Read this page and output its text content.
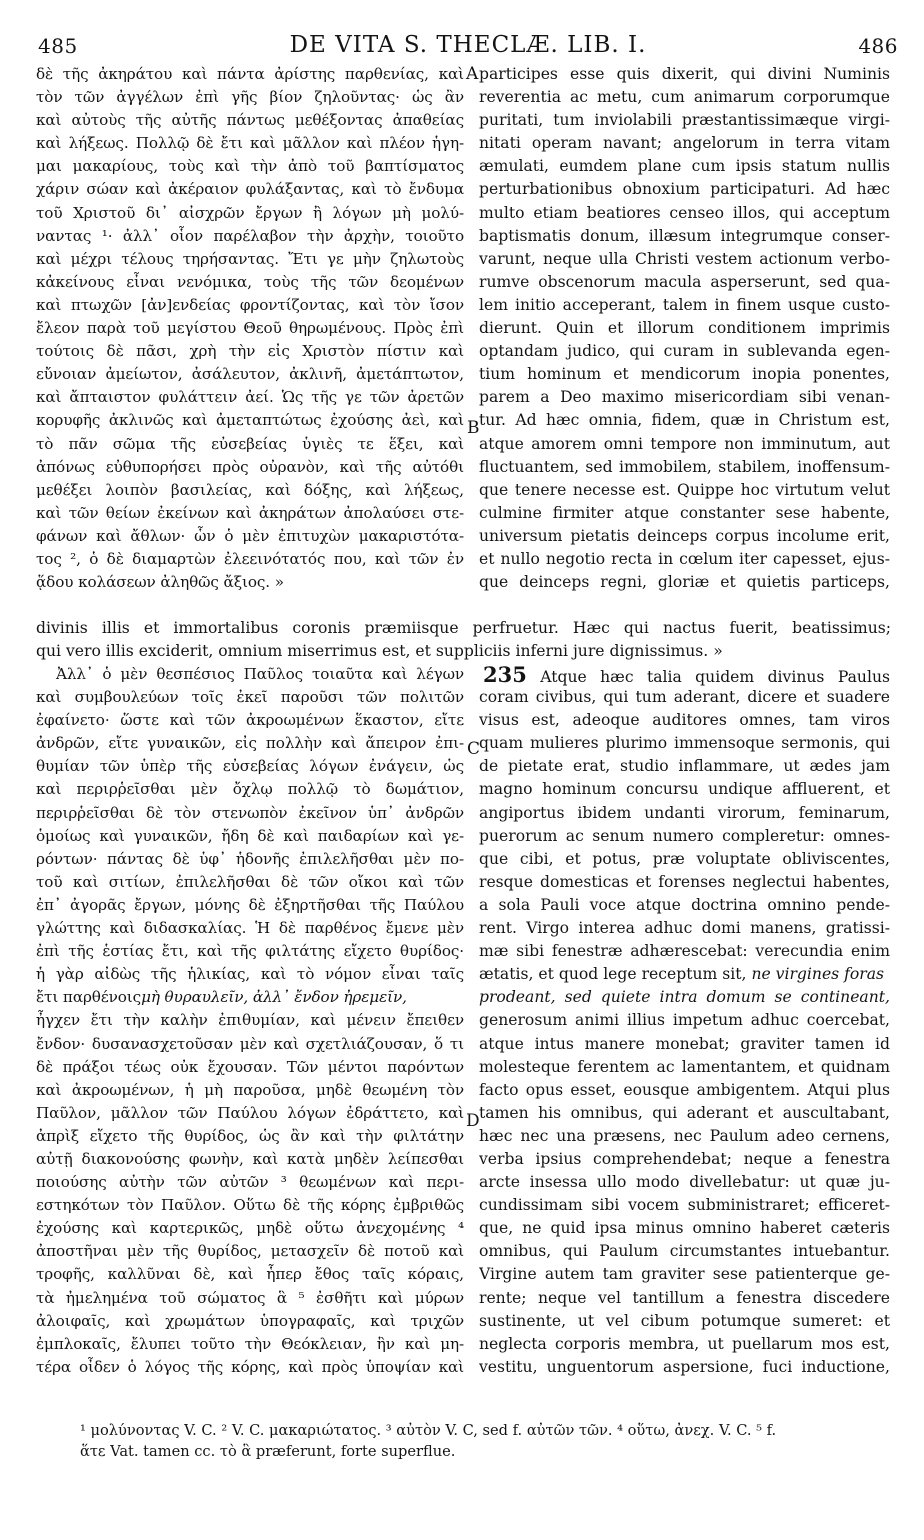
485	DE VITA S. THECLÆ. LIB. I.	486
A
B
C
D
δὲ τῆς ἀκηράτου καὶ πάντα ἀρίστης παρθενίας, καὶ
τὸν τῶν ἀγγέλων ἐπὶ γῆς βίον ζηλοῦντας· ὡς ἂν
καὶ αὐτοὺς τῆς αὐτῆς πάντως μεθέξοντας ἀπαθείας
καὶ λήξεως. Πολλῷ δὲ ἔτι καὶ μᾶλλον καὶ πλέον ἡγη-
μαι μακαρίους, τοὺς καὶ τὴν ἀπὸ τοῦ βαπτίσματος
χάριν σώαν καὶ ἀκέραιον φυλάξαντας, καὶ τὸ ἔνδυμα
τοῦ Χριστοῦ δι᾽ αἰσχρῶν ἔργων ἢ λόγων μὴ μολύ-
ναντας ¹· ἀλλ᾽ οἷον παρέλαβον τὴν ἀρχὴν, τοιοῦτο
καὶ μέχρι τέλους τηρήσαντας. Ἔτι γε μὴν ζηλωτοὺς
κἀκείνους εἶναι νενόμικα, τοὺς τῆς τῶν δεομένων
καὶ πτωχῶν [ἀν]ενδείας φροντίζοντας, καὶ τὸν ἴσον
ἔλεον παρὰ τοῦ μεγίστου Θεοῦ θηρωμένους. Πρὸς ἐπὶ
τούτοις δὲ πᾶσι, χρὴ τὴν εἰς Χριστὸν πίστιν καὶ
εὔνοιαν ἀμείωτον, ἀσάλευτον, ἀκλινῆ, ἀμετάπτωτον,
καὶ ἄπταιστον φυλάττειν ἀεί. Ὡς τῆς γε τῶν ἀρετῶν
κορυφῆς ἀκλινῶς καὶ ἀμεταπτώτως ἐχούσης ἀεὶ, καὶ
τὸ πᾶν σῶμα τῆς εὐσεβείας ὑγιὲς τε ἕξει, καὶ
ἀπόνως εὐθυπορήσει πρὸς οὐρανὸν, καὶ τῆς αὐτόθι
μεθέξει λοιπὸν βασιλείας, καὶ δόξης, καὶ λήξεως,
καὶ τῶν θείων ἐκείνων καὶ ἀκηράτων ἀπολαύσει στε-
φάνων καὶ ἄθλων· ὧν ὁ μὲν ἐπιτυχὼν μακαριστότα-
τος ², ὁ δὲ διαμαρτὼν ἐλεεινότατός που, καὶ τῶν ἐν
ᾅδου κολάσεων ἀληθῶς ἄξιος. »
participes esse quis dixerit, qui divini Numinis
reverentia ac metu, cum animarum corporumque
puritati, tum inviolabili præstantissimæque virgi-
nitati operam navant; angelorum in terra vitam
æmulati, eumdem plane cum ipsis statum nullis
perturbationibus obnoxium participaturi. Ad hæc
multo etiam beatiores censeo illos, qui acceptum
baptismatis donum, illæsum integrumque conser-
varunt, neque ulla Christi vestem actionum verbo-
rumve obscenorum macula asperserunt, sed qua-
lem initio acceperant, talem in finem usque custo-
dierunt. Quin et illorum conditionem imprimis
optandam judico, qui curam in sublevanda egen-
tium hominum et mendicorum inopia ponentes,
parem a Deo maximo misericordiam sibi venan-
tur. Ad hæc omnia, fidem, quæ in Christum est,
atque amorem omni tempore non imminutum, aut
fluctuantem, sed immobilem, stabilem, inoffensum-
que tenere necesse est. Quippe hoc virtutum velut
culmine firmiter atque constanter sese habente,
universum pietatis deinceps corpus incolume erit,
et nullo negotio recta in cœlum iter capesset, ejus-
que deinceps regni, gloriæ et quietis particeps,
divinis illis et immortalibus coronis præmiisque perfruetur. Hæc qui nactus fuerit, beatissimus;
qui vero illis exciderit, omnium miserrimus est, et suppliciis inferni jure dignissimus. »
Ἀλλ᾽ ὁ μὲν θεσπέσιος Παῦλος τοιαῦτα καὶ λέγων
καὶ συμβουλεύων τοῖς ἐκεῖ παροῦσι τῶν πολιτῶν
ἐφαίνετο· ὥστε καὶ τῶν ἀκροωμένων ἕκαστον, εἴτε
ἀνδρῶν, εἴτε γυναικῶν, εἰς πολλὴν καὶ ἄπειρον ἐπι-
θυμίαν τῶν ὑπὲρ τῆς εὐσεβείας λόγων ἐνάγειν, ὡς
καὶ περιρῥεῖσθαι μὲν ὄχλῳ πολλῷ τὸ δωμάτιον,
περιρῥεῖσθαι δὲ τὸν στενωπὸν ἐκεῖνον ὑπ᾽ ἀνδρῶν
ὁμοίως καὶ γυναικῶν, ἤδη δὲ καὶ παιδαρίων καὶ γε-
ρόντων· πάντας δὲ ὑφ᾽ ἡδονῆς ἐπιλελῆσθαι μὲν πο-
τοῦ καὶ σιτίων, ἐπιλελῆσθαι δὲ τῶν οἴκοι καὶ τῶν
ἐπ᾽ ἀγορᾶς ἔργων, μόνης δὲ ἐξηρτῆσθαι τῆς Παύλου
γλώττης καὶ διδασκαλίας. Ἡ δὲ παρθένος ἔμενε μὲν
ἐπὶ τῆς ἑστίας ἔτι, καὶ τῆς φιλτάτης εἴχετο θυρίδος·
ἡ γὰρ αἰδὼς τῆς ἡλικίας, καὶ τὸ νόμον εἶναι ταῖς
ἔτι παρθένοιςμὴ θυραυλεῖν, ἀλλ᾽ ἔνδον ἠρεμεῖν,
ἦγχεν ἔτι τὴν καλὴν ἐπιθυμίαν, καὶ μένειν ἔπειθεν
ἔνδον· δυσανασχετοῦσαν μὲν καὶ σχετλιάζουσαν, ὅ τι
δὲ πράξοι τέως οὐκ ἔχουσαν. Τῶν μέντοι παρόντων
καὶ ἀκροωμένων, ἡ μὴ παροῦσα, μηδὲ θεωμένη τὸν
Παῦλον, μᾶλλον τῶν Παύλου λόγων ἐδράττετο, καὶ
ἀπρὶξ εἴχετο τῆς θυρίδος, ὡς ἂν καὶ τὴν φιλτάτην
αὐτῇ διακονούσης φωνὴν, καὶ κατὰ μηδὲν λείπεσθαι
ποιούσης αὐτὴν τῶν αὐτῶν ³ θεωμένων καὶ περι-
εστηκότων τὸν Παῦλον. Οὕτω δὲ τῆς κόρης ἐμβριθῶς
ἐχούσης καὶ καρτερικῶς, μηδὲ οὕτω ἀνεχομένης ⁴
ἀποστῆναι μὲν τῆς θυρίδος, μετασχεῖν δὲ ποτοῦ καὶ
τροφῆς, καλλῦναι δὲ, καὶ ἧπερ ἔθος ταῖς κόραις,
τὰ ἠμελημένα τοῦ σώματος ἃ ⁵ ἐσθῆτι καὶ μύρων
ἀλοιφαῖς, καὶ χρωμάτων ὑπογραφαῖς, καὶ τριχῶν
ἐμπλοκαῖς, ἔλυπει τοῦτο τὴν Θεόκλειαν, ἣν καὶ μη-
τέρα οἶδεν ὁ λόγος τῆς κόρης, καὶ πρὸς ὑποψίαν καὶ
235 Atque hæc talia quidem divinus Paulus
coram civibus, qui tum aderant, dicere et suadere
visus est, adeoque auditores omnes, tam viros
quam mulieres plurimo immensoque sermonis, qui
de pietate erat, studio inflammare, ut ædes jam
magno hominum concursu undique affluerent, et
angiportus ibidem undanti virorum, feminarum,
puerorum ac senum numero compleretur: omnes-
que cibi, et potus, præ voluptate obliviscentes,
resque domesticas et forenses neglectui habentes,
a sola Pauli voce atque doctrina omnino pende-
rent. Virgo interea adhuc domi manens, gratissi-
mæ sibi fenestræ adhærescebat: verecundia enim
ætatis, et quod lege receptum sit, ne virgines foras
prodeant, sed quiete intra domum se contineant,
generosum animi illius impetum adhuc coercebat,
atque intus manere monebat; graviter tamen id
molesteque ferentem ac lamentantem, et quidnam
facto opus esset, eousque ambigentem. Atqui plus
tamen his omnibus, qui aderant et auscultabant,
hæc nec una præsens, nec Paulum adeo cernens,
verba ipsius comprehendebat; neque a fenestra
arcte insessa ullo modo divellebatur: ut quæ ju-
cundissimam sibi vocem subministraret; efficeret-
que, ne quid ipsa minus omnino haberet cæteris
omnibus, qui Paulum circumstantes intuebantur.
Virgine autem tam graviter sese patienterque ge-
rente; neque vel tantillum a fenestra discedere
sustinente, ut vel cibum potumque sumeret: et
neglecta corporis membra, ut puellarum mos est,
vestitu, unguentorum aspersione, fuci inductione,
¹ μολύνοντας V. C. ² V. C. μακαριώτατος. ³ αὐτὸν V. C, sed f. αὐτῶν τῶν. ⁴ οὕτω, ἀνεχ. V. C. ⁵ f.
ἅτε Vat. tamen cc. τὸ ἃ præferunt, forte superflue.
